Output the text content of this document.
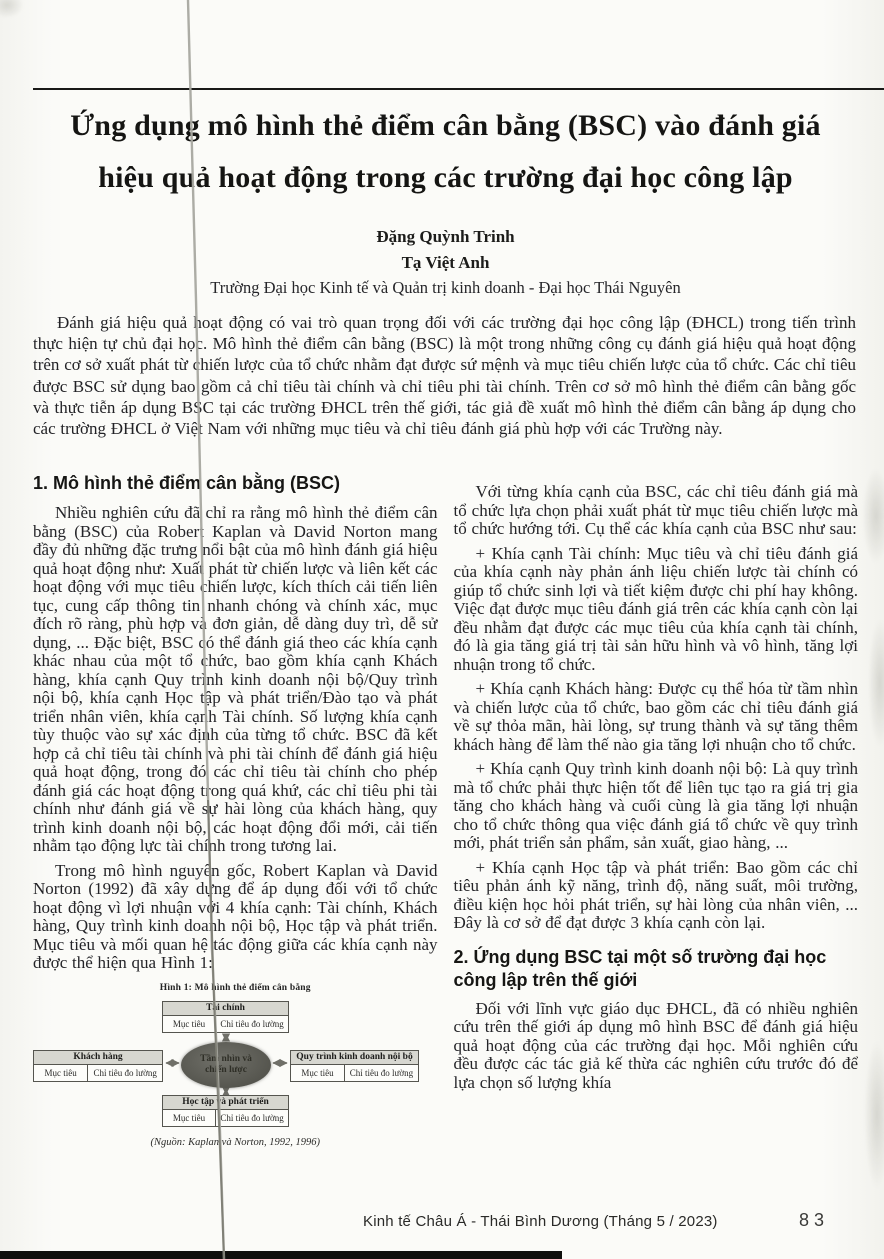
Ứng dụng mô hình thẻ điểm cân bằng (BSC) vào đánh giá
hiệu quả hoạt động trong các trường đại học công lập
Đặng Quỳnh Trinh
Tạ Việt Anh
Trường Đại học Kinh tế và Quản trị kinh doanh - Đại học Thái Nguyên

Đánh giá hiệu quả hoạt động có vai trò quan trọng đối với các trường đại học công lập (ĐHCL) trong tiến trình thực hiện tự chủ đại học. Mô hình thẻ điểm cân bằng (BSC) là một trong những công cụ đánh giá hiệu quả hoạt động trên cơ sở xuất phát từ chiến lược của tổ chức nhằm đạt được sứ mệnh và mục tiêu chiến lược của tổ chức. Các chỉ tiêu được BSC sử dụng bao gồm cả chỉ tiêu tài chính và chỉ tiêu phi tài chính. Trên cơ sở mô hình thẻ điểm cân bằng gốc và thực tiễn áp dụng BSC tại các trường ĐHCL trên thế giới, tác giả đề xuất mô hình thẻ điểm cân bằng áp dụng cho các trường ĐHCL ở Việt Nam với những mục tiêu và chỉ tiêu đánh giá phù hợp với các Trường này.

1. Mô hình thẻ điểm cân bằng (BSC)

Nhiều nghiên cứu đã chỉ ra rằng mô hình thẻ điểm cân bằng (BSC) của Robert Kaplan và David Norton mang đầy đủ những đặc trưng nổi bật của mô hình đánh giá hiệu quả hoạt động như: Xuất phát từ chiến lược và liên kết các hoạt động với mục tiêu chiến lược, kích thích cải tiến liên tục, cung cấp thông tin nhanh chóng và chính xác, mục đích rõ ràng, phù hợp và đơn giản, dễ dàng duy trì, dễ sử dụng, ... Đặc biệt, BSC có thể đánh giá theo các khía cạnh khác nhau của một tổ chức, bao gồm khía cạnh Khách hàng, khía cạnh Quy trình kinh doanh nội bộ/Quy trình nội bộ, khía cạnh Học tập và phát triển/Đào tạo và phát triển nhân viên, khía cạnh Tài chính. Số lượng khía cạnh tùy thuộc vào sự xác định của từng tổ chức. BSC đã kết hợp cả chỉ tiêu tài chính và phi tài chính để đánh giá hiệu quả hoạt động, trong đó các chỉ tiêu tài chính cho phép đánh giá các hoạt động trong quá khứ, các chỉ tiêu phi tài chính như đánh giá về sự hài lòng của khách hàng, quy trình kinh doanh nội bộ, các hoạt động đổi mới, cải tiến nhằm tạo động lực tài chính trong tương lai.

Trong mô hình nguyên gốc, Robert Kaplan và David Norton (1992) đã xây dựng để áp dụng đối với tổ chức hoạt động vì lợi nhuận với 4 khía cạnh: Tài chính, Khách hàng, Quy trình kinh doanh nội bộ, Học tập và phát triển. Mục tiêu và mối quan hệ tác động giữa các khía cạnh này được thể hiện qua Hình 1:

Hình 1: Mô hình thẻ điểm cân bằng
Tài chính
Mục tiêu	Chỉ tiêu đo lường
Khách hàng
Mục tiêu	Chỉ tiêu đo lường
Quy trình kinh doanh nội bộ
Mục tiêu	Chỉ tiêu đo lường
Học tập và phát triển
Mục tiêu	Chỉ tiêu đo lường
Tầm nhìn và chiến lược
(Nguồn: Kaplan và Norton, 1992, 1996)

Với từng khía cạnh của BSC, các chỉ tiêu đánh giá mà tổ chức lựa chọn phải xuất phát từ mục tiêu chiến lược mà tổ chức hướng tới. Cụ thể các khía cạnh của BSC như sau:

+ Khía cạnh Tài chính: Mục tiêu và chỉ tiêu đánh giá của khía cạnh này phản ánh liệu chiến lược tài chính có giúp tổ chức sinh lợi và tiết kiệm được chi phí hay không. Việc đạt được mục tiêu đánh giá trên các khía cạnh còn lại đều nhằm đạt được các mục tiêu của khía cạnh tài chính, đó là gia tăng giá trị tài sản hữu hình và vô hình, tăng lợi nhuận trong tổ chức.

+ Khía cạnh Khách hàng: Được cụ thể hóa từ tầm nhìn và chiến lược của tổ chức, bao gồm các chỉ tiêu đánh giá về sự thỏa mãn, hài lòng, sự trung thành và sự tăng thêm khách hàng để làm thế nào gia tăng lợi nhuận cho tổ chức.

+ Khía cạnh Quy trình kinh doanh nội bộ: Là quy trình mà tổ chức phải thực hiện tốt để liên tục tạo ra giá trị gia tăng cho khách hàng và cuối cùng là gia tăng lợi nhuận cho tổ chức thông qua việc đánh giá tổ chức về quy trình mới, phát triển sản phẩm, sản xuất, giao hàng, ...

+ Khía cạnh Học tập và phát triển: Bao gồm các chỉ tiêu phản ánh kỹ năng, trình độ, năng suất, môi trường, điều kiện học hỏi phát triển, sự hài lòng của nhân viên, ... Đây là cơ sở để đạt được 3 khía cạnh còn lại.

2. Ứng dụng BSC tại một số trường đại học công lập trên thế giới

Đối với lĩnh vực giáo dục ĐHCL, đã có nhiều nghiên cứu trên thế giới áp dụng mô hình BSC để đánh giá hiệu quả hoạt động của các trường đại học. Mỗi nghiên cứu đều được các tác giả kế thừa các nghiên cứu trước đó để lựa chọn số lượng khía

Kinh tế Châu Á - Thái Bình Dương (Tháng 5 / 2023)	83
